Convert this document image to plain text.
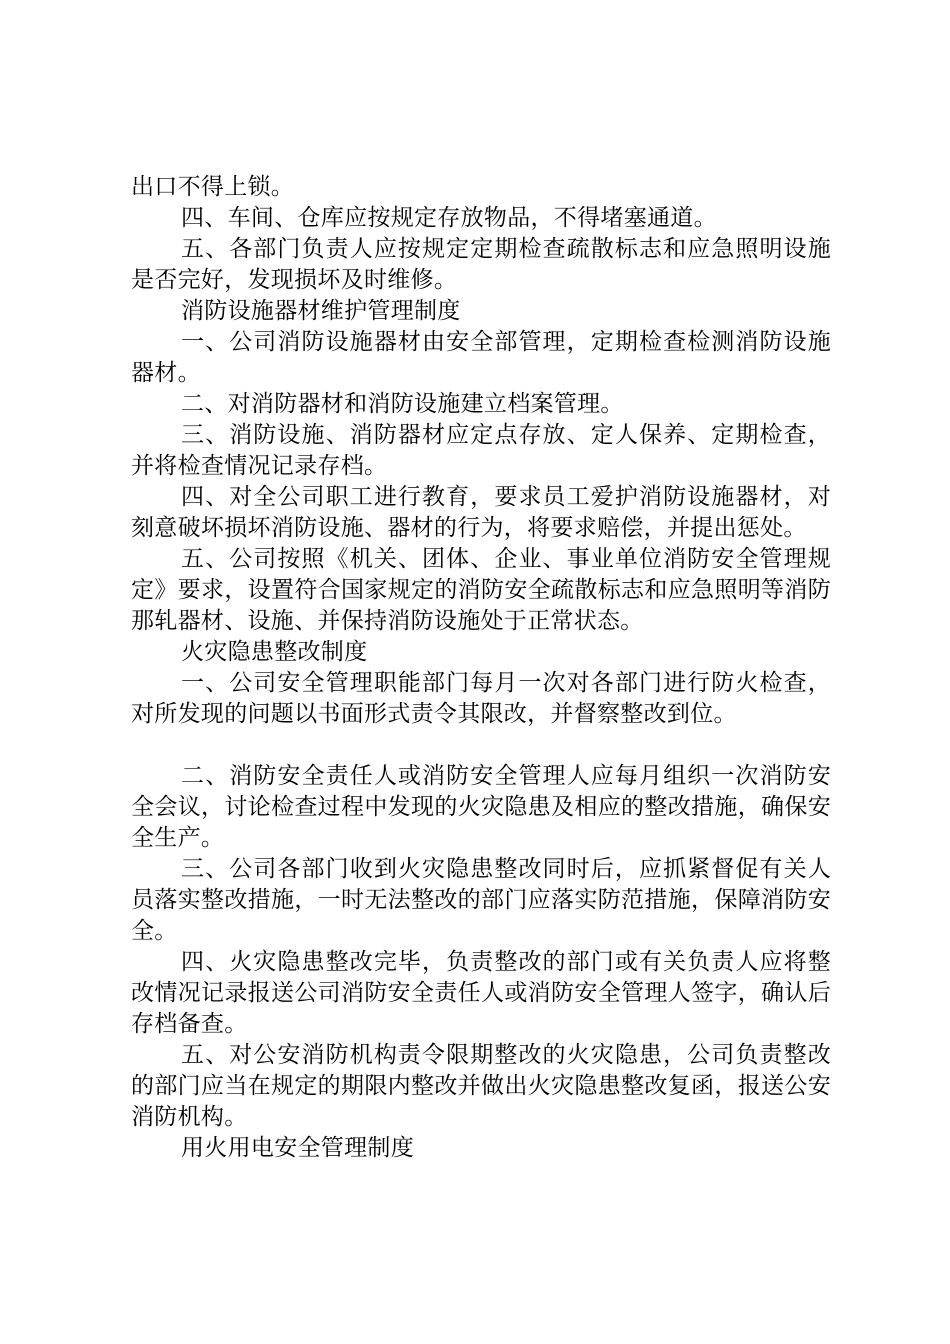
出口不得上锁。

四、车间、仓库应按规定存放物品，不得堵塞通道。

五、各部门负责人应按规定定期检查疏散标志和应急照明设施是否完好，发现损坏及时维修。

消防设施器材维护管理制度

一、公司消防设施器材由安全部管理，定期检查检测消防设施器材。

二、对消防器材和消防设施建立档案管理。

三、消防设施、消防器材应定点存放、定人保养、定期检查，并将检查情况记录存档。

四、对全公司职工进行教育，要求员工爱护消防设施器材，对刻意破坏损坏消防设施、器材的行为，将要求赔偿，并提出惩处。

五、公司按照《机关、团体、企业、事业单位消防安全管理规定》要求，设置符合国家规定的消防安全疏散标志和应急照明等消防那轧器材、设施、并保持消防设施处于正常状态。

火灾隐患整改制度

一、公司安全管理职能部门每月一次对各部门进行防火检查，对所发现的问题以书面形式责令其限改，并督察整改到位。

二、消防安全责任人或消防安全管理人应每月组织一次消防安全会议，讨论检查过程中发现的火灾隐患及相应的整改措施，确保安全生产。

三、公司各部门收到火灾隐患整改同时后，应抓紧督促有关人员落实整改措施，一时无法整改的部门应落实防范措施，保障消防安全。

四、火灾隐患整改完毕，负责整改的部门或有关负责人应将整改情况记录报送公司消防安全责任人或消防安全管理人签字，确认后存档备查。

五、对公安消防机构责令限期整改的火灾隐患，公司负责整改的部门应当在规定的期限内整改并做出火灾隐患整改复函，报送公安消防机构。

用火用电安全管理制度
